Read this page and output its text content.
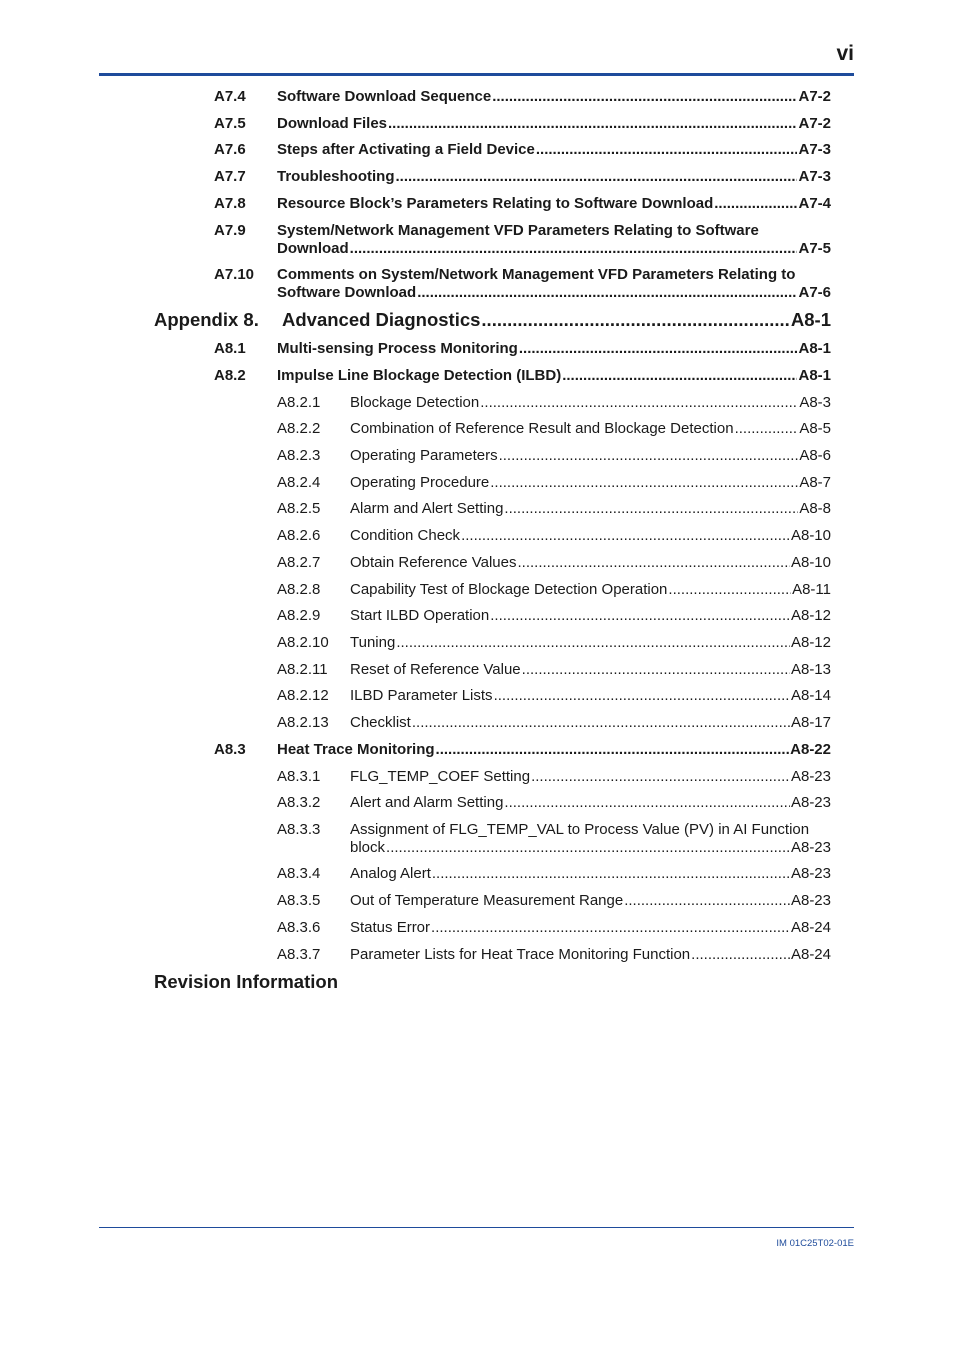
vi
A7.4 Software Download Sequence .....	A7-2
A7.5 Download Files .....	A7-2
A7.6 Steps after Activating a Field Device .....	A7-3
A7.7 Troubleshooting .....	A7-3
A7.8 Resource Block’s Parameters Relating to Software Download .....	A7-4
A7.9 System/Network Management VFD Parameters Relating to Software
Download .....	A7-5
A7.10 Comments on System/Network Management VFD Parameters Relating to
Software Download .....	A7-6
Appendix 8. Advanced Diagnostics .....	A8-1
A8.1 Multi-sensing Process Monitoring .....	A8-1
A8.2 Impulse Line Blockage Detection (ILBD) .....	A8-1
A8.2.1 Blockage Detection .....	A8-3
A8.2.2 Combination of Reference Result and Blockage Detection .....	A8-5
A8.2.3 Operating Parameters .....	A8-6
A8.2.4 Operating Procedure .....	A8-7
A8.2.5 Alarm and Alert Setting .....	A8-8
A8.2.6 Condition Check .....	A8-10
A8.2.7 Obtain Reference Values .....	A8-10
A8.2.8 Capability Test of Blockage Detection Operation .....	A8-11
A8.2.9 Start ILBD Operation .....	A8-12
A8.2.10 Tuning .....	A8-12
A8.2.11 Reset of Reference Value .....	A8-13
A8.2.12 ILBD Parameter Lists .....	A8-14
A8.2.13 Checklist .....	A8-17
A8.3 Heat Trace Monitoring .....	A8-22
A8.3.1 FLG_TEMP_COEF Setting .....	A8-23
A8.3.2 Alert and Alarm Setting .....	A8-23
A8.3.3 Assignment of FLG_TEMP_VAL to Process Value (PV) in AI Function
block .....	A8-23
A8.3.4 Analog Alert .....	A8-23
A8.3.5 Out of Temperature Measurement Range .....	A8-23
A8.3.6 Status Error .....	A8-24
A8.3.7 Parameter Lists for Heat Trace Monitoring Function .....	A8-24
Revision Information
IM 01C25T02-01E
